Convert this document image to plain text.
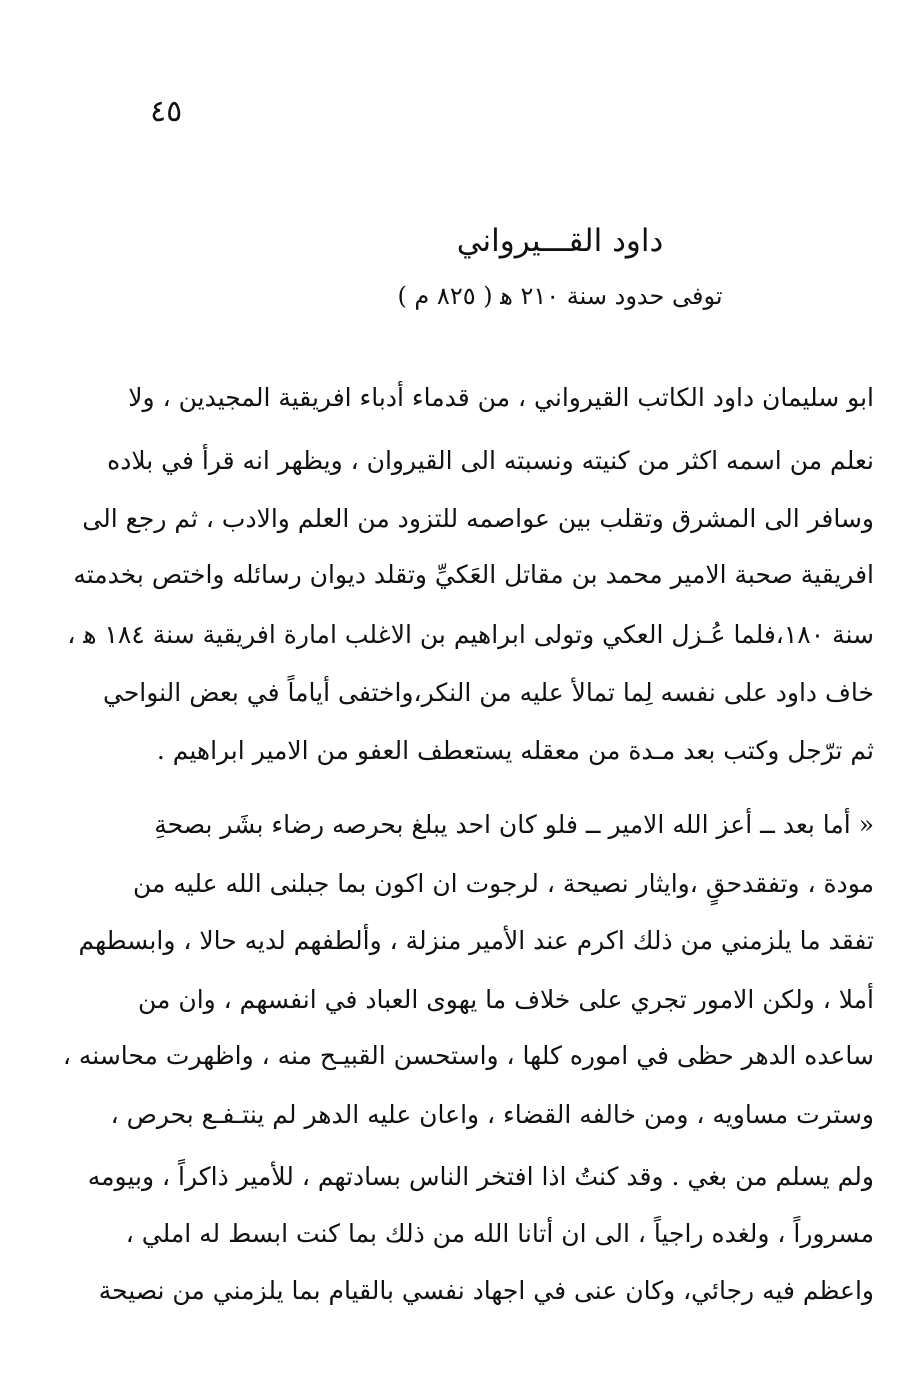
٤٥
داود القـــيرواني
توفى حدود سنة ٢١٠ ﻫ ( ٨٢٥ م )
ابو سليمان داود الكاتب القيرواني ، من قدماء أدباء افريقية المجيدين ، ولا
نعلم من اسمه اكثر من كنيته ونسبته الى القيروان ، ويظهر انه قرأ في بلاده
وسافر الى المشرق وتقلب بين عواصمه للتزود من العلم والادب ، ثم رجع الى
افريقية صحبة الامير محمد بن مقاتل العَكيِّ وتقلد ديوان رسائله واختص بخدمته
سنة ١٨٠،فلما عُـزل العكي وتولى ابراهيم بن الاغلب امارة افريقية سنة ١٨٤ ﻫ ،
خاف داود على نفسه لِما تمالأ عليه من النكر،واختفى أياماً في بعض النواحي
ثم ترّجل وكتب بعد مـدة من معقله يستعطف العفو من الامير ابراهيم .
« أما بعد ــ أعز الله الامير ــ فلو كان احد يبلغ بحرصه رضاء بشَر بصحةِ
مودة ، وتفقدحقٍ ،وايثار نصيحة ، لرجوت ان اكون بما جبلنى الله عليه من
تفقد ما يلزمني من ذلك اكرم عند الأمير منزلة ، وألطفهم لديه حالا ، وابسطهم
أملا ، ولكن الامور تجري على خلاف ما يهوى العباد في انفسهم ، وان من
ساعده الدهر حظى في اموره كلها ، واستحسن القبيـح منه ، واظهرت محاسنه ،
وسترت مساويه ، ومن خالفه القضاء ، واعان عليه الدهر لم ينتـفـع بحرص ،
ولم يسلم من بغي . وقد كنتُ اذا افتخر الناس بسادتهم ، للأمير ذاكراً ، وبيومه
مسروراً ، ولغده راجياً ، الى ان أتانا الله من ذلك بما كنت ابسط له املي ،
واعظم فيه رجائي، وكان عنى في اجهاد نفسي بالقيام بما يلزمني من نصيحة
